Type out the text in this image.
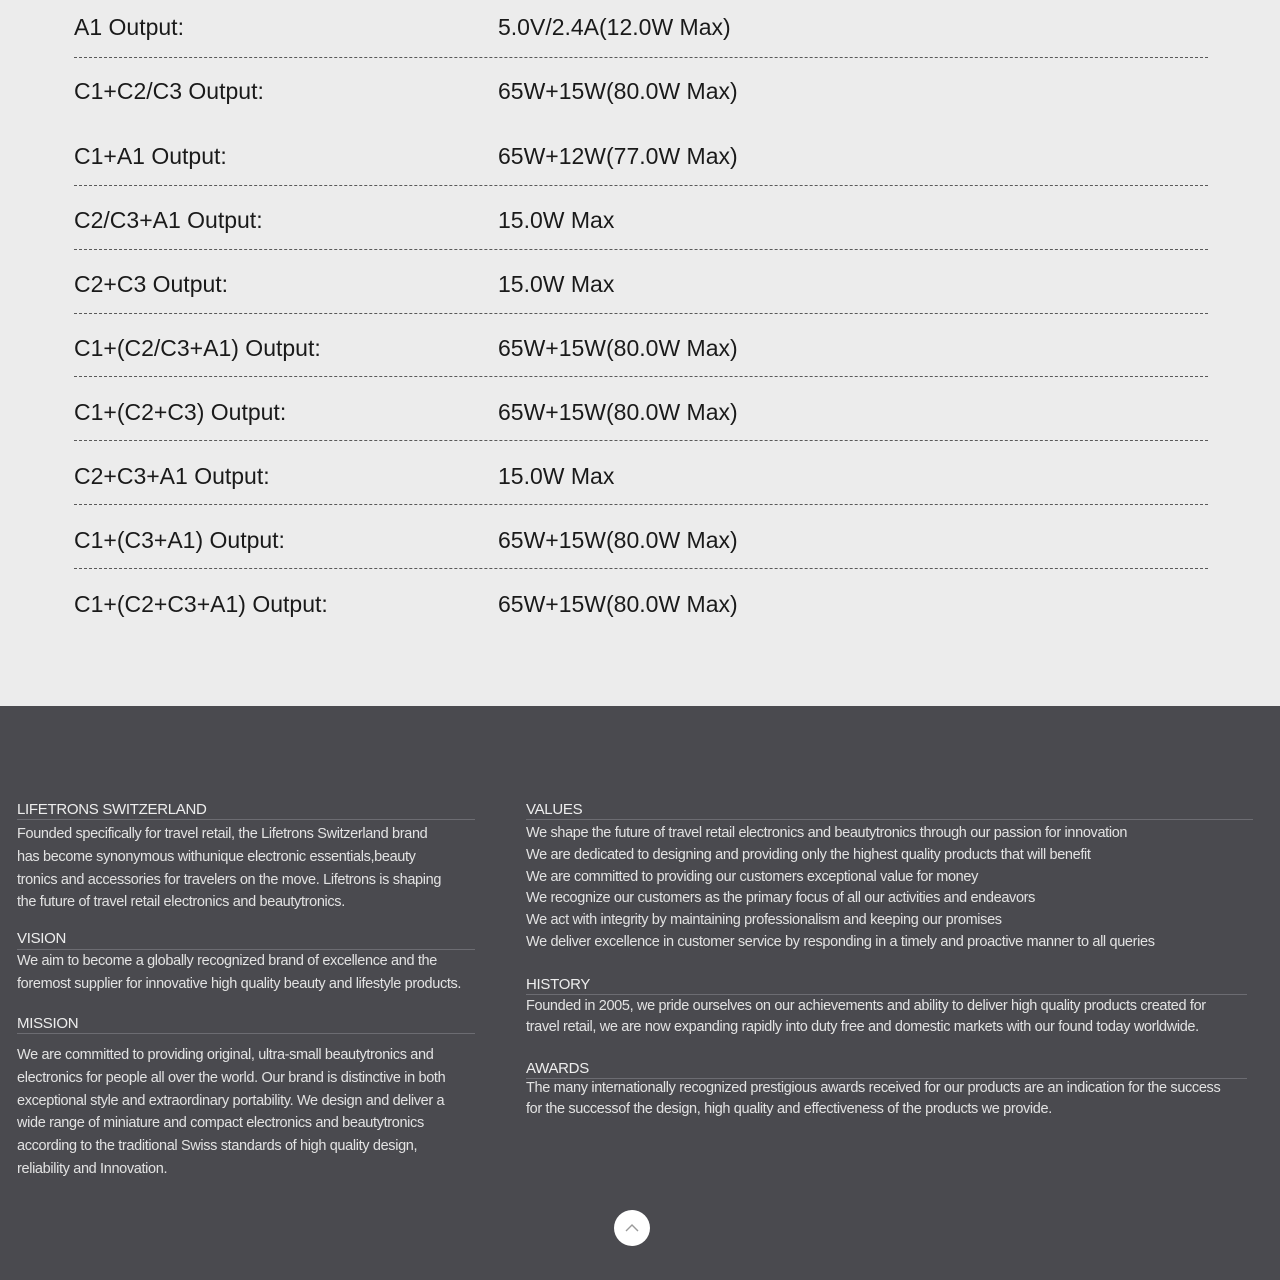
A1 Output:	5.0V/2.4A(12.0W Max)
C1+C2/C3 Output:	65W+15W(80.0W Max)
C1+A1 Output:	65W+12W(77.0W Max)
C2/C3+A1 Output:	15.0W Max
C2+C3 Output:	15.0W Max
C1+(C2/C3+A1) Output:	65W+15W(80.0W Max)
C1+(C2+C3) Output:	65W+15W(80.0W Max)
C2+C3+A1 Output:	15.0W Max
C1+(C3+A1) Output:	65W+15W(80.0W Max)
C1+(C2+C3+A1) Output:	65W+15W(80.0W Max)
LIFETRONS SWITZERLAND
Founded specifically for travel retail, the Lifetrons Switzerland brand
has become synonymous withunique electronic essentials,beauty
tronics and accessories for travelers on the move. Lifetrons is shaping
the future of travel retail electronics and beautytronics.
VISION
We aim to become a globally recognized brand of excellence and the
foremost supplier for innovative high quality beauty and lifestyle products.
MISSION
We are committed to providing original, ultra-small beautytronics and
electronics for people all over the world. Our brand is distinctive in both
exceptional style and extraordinary portability. We design and deliver a
wide range of miniature and compact electronics and beautytronics
according to the traditional Swiss standards of high quality design,
reliability and Innovation.
VALUES
We shape the future of travel retail electronics and beautytronics through our passion for innovation
We are dedicated to designing and providing only the highest quality products that will benefit
We are committed to providing our customers exceptional value for money
We recognize our customers as the primary focus of all our activities and endeavors
We act with integrity by maintaining professionalism and keeping our promises
We deliver excellence in customer service by responding in a timely and proactive manner to all queries
HISTORY
Founded in 2005, we pride ourselves on our achievements and ability to deliver high quality products created for
travel retail, we are now expanding rapidly into duty free and domestic markets with our found today worldwide.
AWARDS
The many internationally recognized prestigious awards received for our products are an indication for the success
for the successof the design, high quality and effectiveness of the products we provide.
